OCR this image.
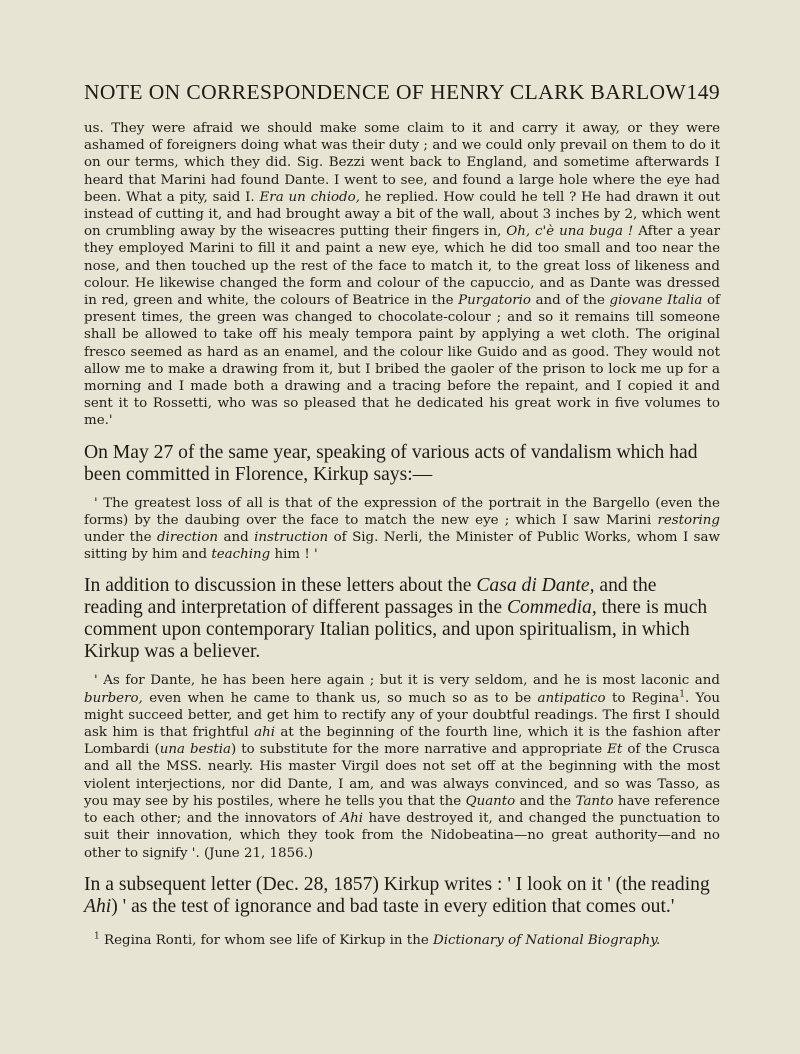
NOTE ON CORRESPONDENCE OF HENRY CLARK BARLOW 149

us. They were afraid we should make some claim to it and carry it away, or they were ashamed of foreigners doing what was their duty ; and we could only prevail on them to do it on our terms, which they did. Sig. Bezzi went back to England, and sometime afterwards I heard that Marini had found Dante. I went to see, and found a large hole where the eye had been. What a pity, said I. Era un chiodo, he replied. How could he tell ? He had drawn it out instead of cutting it, and had brought away a bit of the wall, about 3 inches by 2, which went on crumbling away by the wiseacres putting their fingers in, Oh, c'è una buga ! After a year they employed Marini to fill it and paint a new eye, which he did too small and too near the nose, and then touched up the rest of the face to match it, to the great loss of likeness and colour. He likewise changed the form and colour of the capuccio, and as Dante was dressed in red, green and white, the colours of Beatrice in the Purgatorio and of the giovane Italia of present times, the green was changed to chocolate-colour ; and so it remains till someone shall be allowed to take off his mealy tempora paint by applying a wet cloth. The original fresco seemed as hard as an enamel, and the colour like Guido and as good. They would not allow me to make a drawing from it, but I bribed the gaoler of the prison to lock me up for a morning and I made both a drawing and a tracing before the repaint, and I copied it and sent it to Rossetti, who was so pleased that he dedicated his great work in five volumes to me.'

On May 27 of the same year, speaking of various acts of vandalism which had been committed in Florence, Kirkup says:—

' The greatest loss of all is that of the expression of the portrait in the Bargello (even the forms) by the daubing over the face to match the new eye ; which I saw Marini restoring under the direction and instruction of Sig. Nerli, the Minister of Public Works, whom I saw sitting by him and teaching him ! '

In addition to discussion in these letters about the Casa di Dante, and the reading and interpretation of different passages in the Commedia, there is much comment upon contemporary Italian politics, and upon spiritualism, in which Kirkup was a believer.

' As for Dante, he has been here again ; but it is very seldom, and he is most laconic and burbero, even when he came to thank us, so much so as to be antipatico to Regina$^1$. You might succeed better, and get him to rectify any of your doubtful readings. The first I should ask him is that frightful ahi at the beginning of the fourth line, which it is the fashion after Lombardi (una bestia) to substitute for the more narrative and appropriate Et of the Crusca and all the MSS. nearly. His master Virgil does not set off at the beginning with the most violent interjections, nor did Dante, I am, and was always convinced, and so was Tasso, as you may see by his postiles, where he tells you that the Quanto and the Tanto have reference to each other; and the innovators of Ahi have destroyed it, and changed the punctuation to suit their innovation, which they took from the Nidobeatina—no great authority—and no other to signify '. (June 21, 1856.)

In a subsequent letter (Dec. 28, 1857) Kirkup writes : ' I look on it ' (the reading Ahi) ' as the test of ignorance and bad taste in every edition that comes out.'

$^1$ Regina Ronti, for whom see life of Kirkup in the Dictionary of National Biography.
